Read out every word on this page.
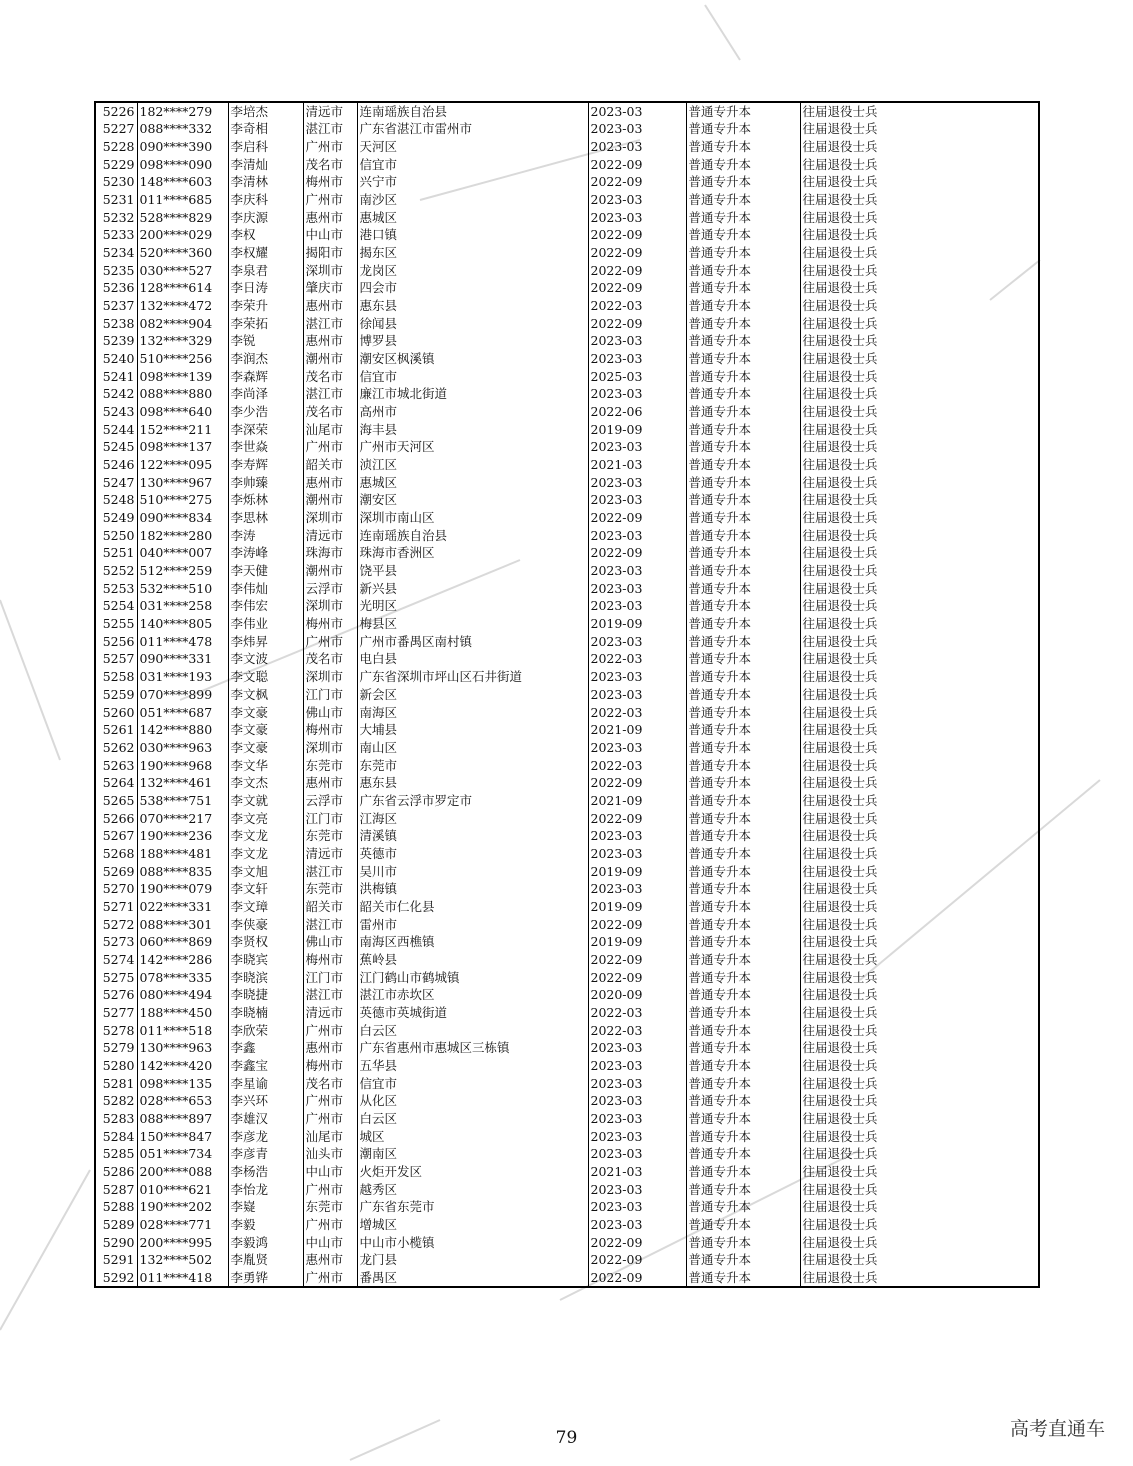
5226	182****279	李培杰	清远市	连南瑶族自治县	2023-03	普通专升本	往届退役士兵
5227	088****332	李奇相	湛江市	广东省湛江市雷州市	2023-03	普通专升本	往届退役士兵
5228	090****390	李启科	广州市	天河区	2023-03	普通专升本	往届退役士兵
5229	098****090	李清灿	茂名市	信宜市	2022-09	普通专升本	往届退役士兵
5230	148****603	李清林	梅州市	兴宁市	2022-09	普通专升本	往届退役士兵
5231	011****685	李庆科	广州市	南沙区	2023-03	普通专升本	往届退役士兵
5232	528****829	李庆源	惠州市	惠城区	2023-03	普通专升本	往届退役士兵
5233	200****029	李权	中山市	港口镇	2022-09	普通专升本	往届退役士兵
5234	520****360	李权耀	揭阳市	揭东区	2022-09	普通专升本	往届退役士兵
5235	030****527	李泉君	深圳市	龙岗区	2022-09	普通专升本	往届退役士兵
5236	128****614	李日涛	肇庆市	四会市	2022-09	普通专升本	往届退役士兵
5237	132****472	李荣升	惠州市	惠东县	2022-03	普通专升本	往届退役士兵
5238	082****904	李荣拓	湛江市	徐闻县	2022-09	普通专升本	往届退役士兵
5239	132****329	李锐	惠州市	博罗县	2023-03	普通专升本	往届退役士兵
5240	510****256	李润杰	潮州市	潮安区枫溪镇	2023-03	普通专升本	往届退役士兵
5241	098****139	李森辉	茂名市	信宜市	2025-03	普通专升本	往届退役士兵
5242	088****880	李尚泽	湛江市	廉江市城北街道	2023-03	普通专升本	往届退役士兵
5243	098****640	李少浩	茂名市	高州市	2022-06	普通专升本	往届退役士兵
5244	152****211	李深荣	汕尾市	海丰县	2019-09	普通专升本	往届退役士兵
5245	098****137	李世焱	广州市	广州市天河区	2023-03	普通专升本	往届退役士兵
5246	122****095	李寿辉	韶关市	浈江区	2021-03	普通专升本	往届退役士兵
5247	130****967	李帅臻	惠州市	惠城区	2023-03	普通专升本	往届退役士兵
5248	510****275	李烁林	潮州市	潮安区	2023-03	普通专升本	往届退役士兵
5249	090****834	李思林	深圳市	深圳市南山区	2022-09	普通专升本	往届退役士兵
5250	182****280	李涛	清远市	连南瑶族自治县	2023-03	普通专升本	往届退役士兵
5251	040****007	李涛峰	珠海市	珠海市香洲区	2022-09	普通专升本	往届退役士兵
5252	512****259	李天健	潮州市	饶平县	2023-03	普通专升本	往届退役士兵
5253	532****510	李伟灿	云浮市	新兴县	2023-03	普通专升本	往届退役士兵
5254	031****258	李伟宏	深圳市	光明区	2023-03	普通专升本	往届退役士兵
5255	140****805	李伟业	梅州市	梅县区	2019-09	普通专升本	往届退役士兵
5256	011****478	李炜昇	广州市	广州市番禺区南村镇	2023-03	普通专升本	往届退役士兵
5257	090****331	李文波	茂名市	电白县	2022-03	普通专升本	往届退役士兵
5258	031****193	李文聪	深圳市	广东省深圳市坪山区石井街道	2023-03	普通专升本	往届退役士兵
5259	070****899	李文枫	江门市	新会区	2023-03	普通专升本	往届退役士兵
5260	051****687	李文豪	佛山市	南海区	2022-03	普通专升本	往届退役士兵
5261	142****880	李文豪	梅州市	大埔县	2021-09	普通专升本	往届退役士兵
5262	030****963	李文豪	深圳市	南山区	2023-03	普通专升本	往届退役士兵
5263	190****968	李文华	东莞市	东莞市	2022-03	普通专升本	往届退役士兵
5264	132****461	李文杰	惠州市	惠东县	2022-09	普通专升本	往届退役士兵
5265	538****751	李文就	云浮市	广东省云浮市罗定市	2021-09	普通专升本	往届退役士兵
5266	070****217	李文亮	江门市	江海区	2022-09	普通专升本	往届退役士兵
5267	190****236	李文龙	东莞市	清溪镇	2023-03	普通专升本	往届退役士兵
5268	188****481	李文龙	清远市	英德市	2023-03	普通专升本	往届退役士兵
5269	088****835	李文旭	湛江市	吴川市	2019-09	普通专升本	往届退役士兵
5270	190****079	李文轩	东莞市	洪梅镇	2023-03	普通专升本	往届退役士兵
5271	022****331	李文璋	韶关市	韶关市仁化县	2019-09	普通专升本	往届退役士兵
5272	088****301	李侠豪	湛江市	雷州市	2022-09	普通专升本	往届退役士兵
5273	060****869	李贤权	佛山市	南海区西樵镇	2019-09	普通专升本	往届退役士兵
5274	142****286	李晓宾	梅州市	蕉岭县	2022-09	普通专升本	往届退役士兵
5275	078****335	李晓滨	江门市	江门鹤山市鹤城镇	2022-09	普通专升本	往届退役士兵
5276	080****494	李晓捷	湛江市	湛江市赤坎区	2020-09	普通专升本	往届退役士兵
5277	188****450	李晓楠	清远市	英德市英城街道	2022-03	普通专升本	往届退役士兵
5278	011****518	李欣荣	广州市	白云区	2022-03	普通专升本	往届退役士兵
5279	130****963	李鑫	惠州市	广东省惠州市惠城区三栋镇	2023-03	普通专升本	往届退役士兵
5280	142****420	李鑫宝	梅州市	五华县	2023-03	普通专升本	往届退役士兵
5281	098****135	李星谕	茂名市	信宜市	2023-03	普通专升本	往届退役士兵
5282	028****653	李兴环	广州市	从化区	2023-03	普通专升本	往届退役士兵
5283	088****897	李雄汉	广州市	白云区	2023-03	普通专升本	往届退役士兵
5284	150****847	李彦龙	汕尾市	城区	2023-03	普通专升本	往届退役士兵
5285	051****734	李彦青	汕头市	潮南区	2023-03	普通专升本	往届退役士兵
5286	200****088	李杨浩	中山市	火炬开发区	2021-03	普通专升本	往届退役士兵
5287	010****621	李怡龙	广州市	越秀区	2023-03	普通专升本	往届退役士兵
5288	190****202	李嶷	东莞市	广东省东莞市	2023-03	普通专升本	往届退役士兵
5289	028****771	李毅	广州市	增城区	2023-03	普通专升本	往届退役士兵
5290	200****995	李毅鸿	中山市	中山市小榄镇	2022-09	普通专升本	往届退役士兵
5291	132****502	李胤贤	惠州市	龙门县	2022-09	普通专升本	往届退役士兵
5292	011****418	李勇铧	广州市	番禺区	2022-09	普通专升本	往届退役士兵
79	高考直通车
